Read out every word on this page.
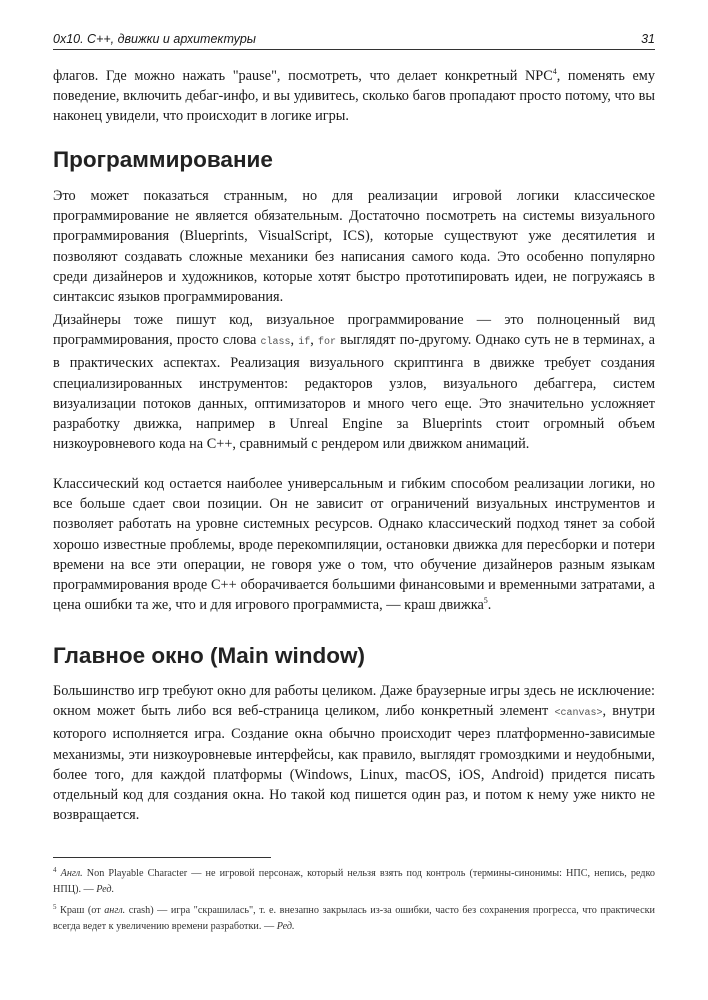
0x10. C++, движки и архитектуры	31

флагов. Где можно нажать "pause", посмотреть, что делает конкретный NPC$^4$, поменять ему поведение, включить дебаг-инфо, и вы удивитесь, сколько багов пропадают просто потому, что вы наконец увидели, что происходит в логике игры.

Программирование

Это может показаться странным, но для реализации игровой логики классическое программирование не является обязательным. Достаточно посмотреть на системы визуального программирования (Blueprints, VisualScript, ICS), которые существуют уже десятилетия и позволяют создавать сложные механики без написания самого кода. Это особенно популярно среди дизайнеров и художников, которые хотят быстро прототипировать идеи, не погружаясь в синтаксис языков программирования.

Дизайнеры тоже пишут код, визуальное программирование — это полноценный вид программирования, просто слова class, if, for выглядят по-другому. Однако суть не в терминах, а в практических аспектах. Реализация визуального скриптинга в движке требует создания специализированных инструментов: редакторов узлов, визуального дебаггера, систем визуализации потоков данных, оптимизаторов и много чего еще. Это значительно усложняет разработку движка, например в Unreal Engine за Blueprints стоит огромный объем низкоуровневого кода на C++, сравнимый с рендером или движком анимаций.

Классический код остается наиболее универсальным и гибким способом реализации логики, но все больше сдает свои позиции. Он не зависит от ограничений визуальных инструментов и позволяет работать на уровне системных ресурсов. Однако классический подход тянет за собой хорошо известные проблемы, вроде перекомпиляции, остановки движка для пересборки и потери времени на все эти операции, не говоря уже о том, что обучение дизайнеров разным языкам программирования вроде C++ оборачивается большими финансовыми и временными затратами, а цена ошибки та же, что и для игрового программиста, — краш движка$^5$.

Главное окно (Main window)

Большинство игр требуют окно для работы целиком. Даже браузерные игры здесь не исключение: окном может быть либо вся веб-страница целиком, либо конкретный элемент <canvas>, внутри которого исполняется игра. Создание окна обычно происходит через платформенно-зависимые механизмы, эти низкоуровневые интерфейсы, как правило, выглядят громоздкими и неудобными, более того, для каждой платформы (Windows, Linux, macOS, iOS, Android) придется писать отдельный код для создания окна. Но такой код пишется один раз, и потом к нему уже никто не возвращается.

$^4$ Англ. Non Playable Character — не игровой персонаж, который нельзя взять под контроль (термины-синонимы: НПС, непись, редко НПЦ). — Ред.

$^5$ Краш (от англ. crash) — игра "скрашилась", т. е. внезапно закрылась из-за ошибки, часто без сохранения прогресса, что практически всегда ведет к увеличению времени разработки. — Ред.
